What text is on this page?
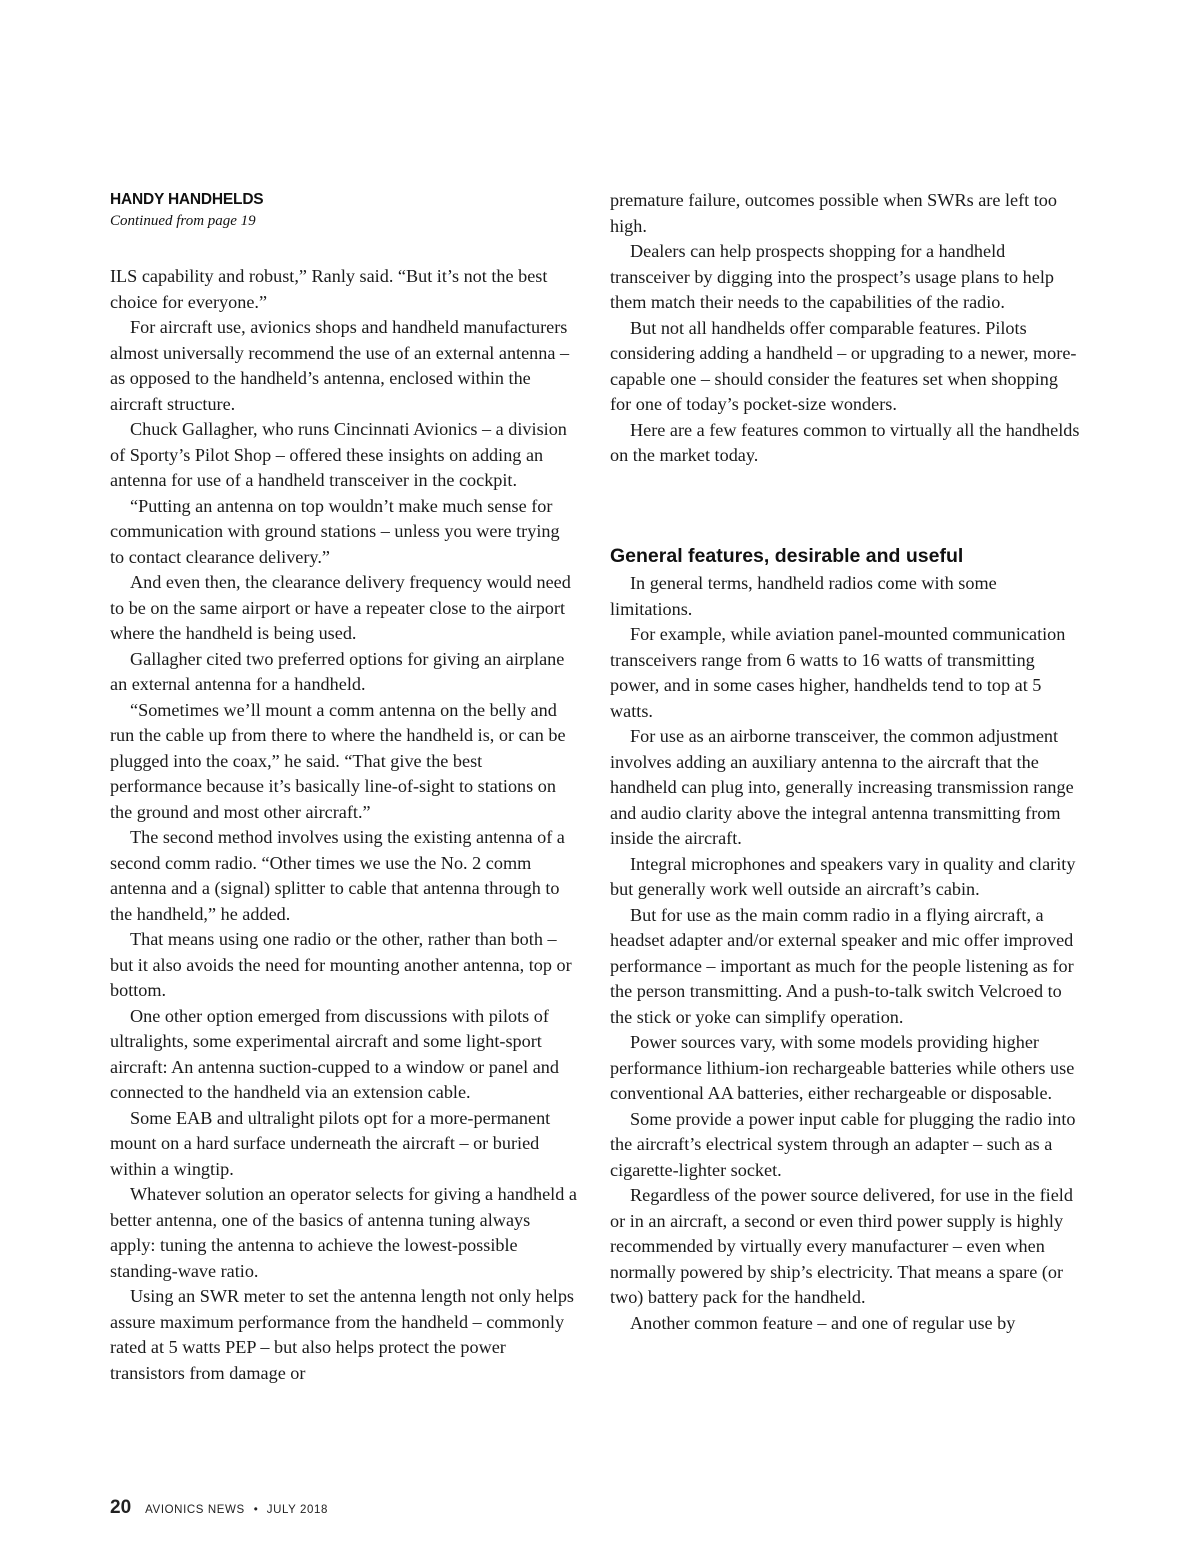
HANDY HANDHELDS
Continued from page 19

ILS capability and robust,” Ranly said. “But it’s not the best choice for everyone.”

For aircraft use, avionics shops and handheld manufacturers almost universally recommend the use of an external antenna – as opposed to the handheld’s antenna, enclosed within the aircraft structure.

Chuck Gallagher, who runs Cincinnati Avionics – a division of Sporty’s Pilot Shop – offered these insights on adding an antenna for use of a handheld transceiver in the cockpit.

“Putting an antenna on top wouldn’t make much sense for communication with ground stations – unless you were trying to contact clearance delivery.”

And even then, the clearance delivery frequency would need to be on the same airport or have a repeater close to the airport where the handheld is being used.

Gallagher cited two preferred options for giving an airplane an external antenna for a handheld.

“Sometimes we’ll mount a comm antenna on the belly and run the cable up from there to where the handheld is, or can be plugged into the coax,” he said. “That give the best performance because it’s basically line-of-sight to stations on the ground and most other aircraft.”

The second method involves using the existing antenna of a second comm radio. “Other times we use the No. 2 comm antenna and a (signal) splitter to cable that antenna through to the handheld,” he added.

That means using one radio or the other, rather than both – but it also avoids the need for mounting another antenna, top or bottom.

One other option emerged from discussions with pilots of ultralights, some experimental aircraft and some light-sport aircraft: An antenna suction-cupped to a window or panel and connected to the handheld via an extension cable.

Some EAB and ultralight pilots opt for a more-permanent mount on a hard surface underneath the aircraft – or buried within a wingtip.

Whatever solution an operator selects for giving a handheld a better antenna, one of the basics of antenna tuning always apply: tuning the antenna to achieve the lowest-possible standing-wave ratio.

Using an SWR meter to set the antenna length not only helps assure maximum performance from the handheld – commonly rated at 5 watts PEP – but also helps protect the power transistors from damage or

premature failure, outcomes possible when SWRs are left too high.

Dealers can help prospects shopping for a handheld transceiver by digging into the prospect’s usage plans to help them match their needs to the capabilities of the radio.

But not all handhelds offer comparable features. Pilots considering adding a handheld – or upgrading to a newer, more-capable one – should consider the features set when shopping for one of today’s pocket-size wonders.

Here are a few features common to virtually all the handhelds on the market today.

General features, desirable and useful

In general terms, handheld radios come with some limitations.

For example, while aviation panel-mounted communication transceivers range from 6 watts to 16 watts of transmitting power, and in some cases higher, handhelds tend to top at 5 watts.

For use as an airborne transceiver, the common adjustment involves adding an auxiliary antenna to the aircraft that the handheld can plug into, generally increasing transmission range and audio clarity above the integral antenna transmitting from inside the aircraft.

Integral microphones and speakers vary in quality and clarity but generally work well outside an aircraft’s cabin.

But for use as the main comm radio in a flying aircraft, a headset adapter and/or external speaker and mic offer improved performance – important as much for the people listening as for the person transmitting. And a push-to-talk switch Velcroed to the stick or yoke can simplify operation.

Power sources vary, with some models providing higher performance lithium-ion rechargeable batteries while others use conventional AA batteries, either rechargeable or disposable.

Some provide a power input cable for plugging the radio into the aircraft’s electrical system through an adapter – such as a cigarette-lighter socket.

Regardless of the power source delivered, for use in the field or in an aircraft, a second or even third power supply is highly recommended by virtually every manufacturer – even when normally powered by ship’s electricity. That means a spare (or two) battery pack for the handheld.

Another common feature – and one of regular use by

20 AVIONICS NEWS • JULY 2018
